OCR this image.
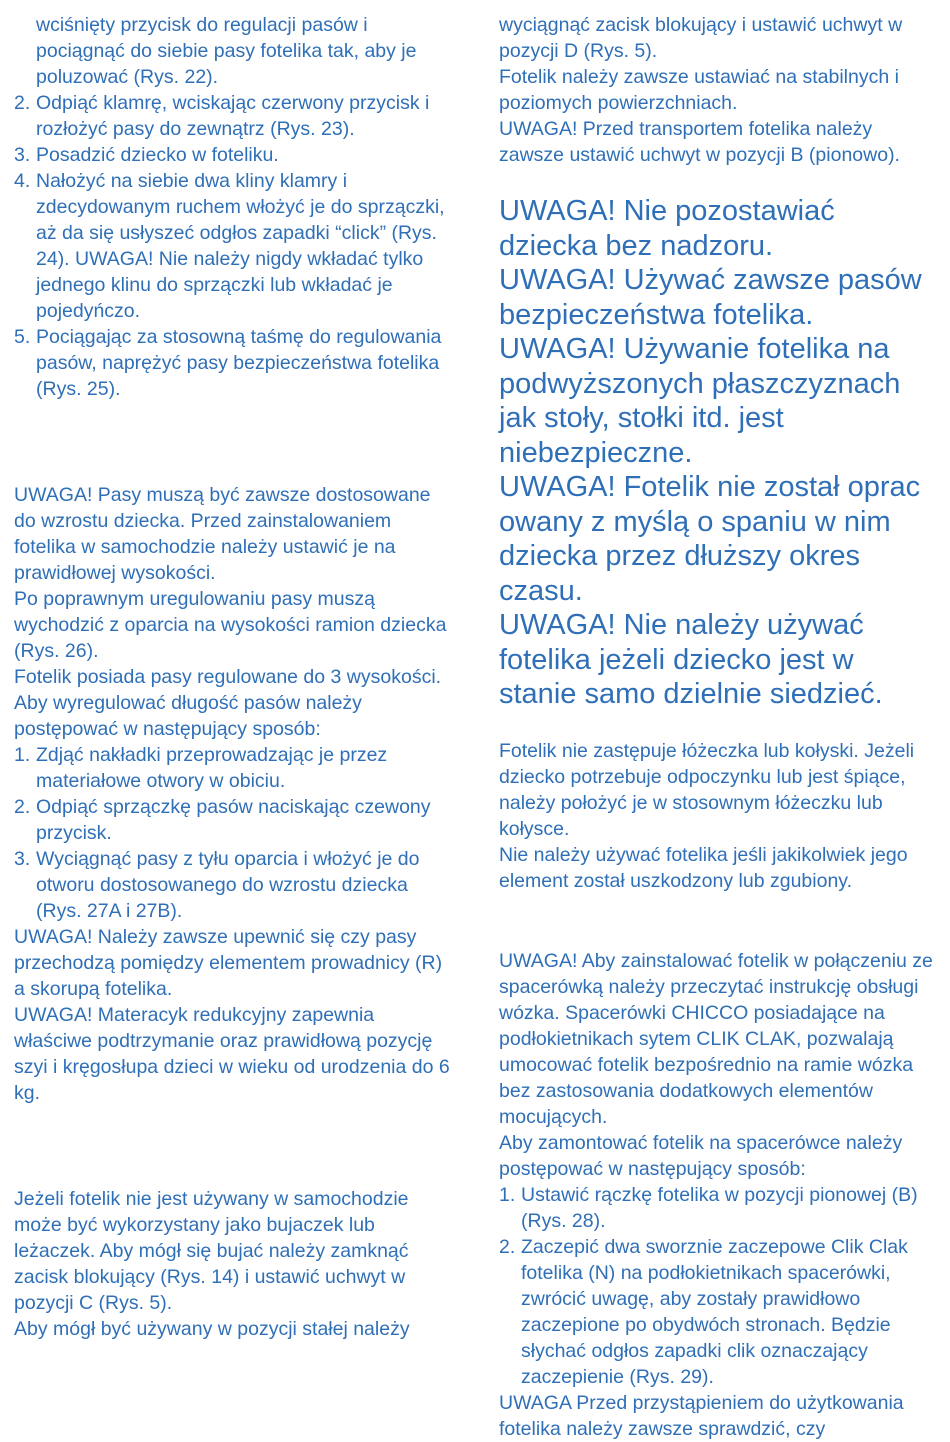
wciśnięty przycisk do regulacji pasów i pociągnąć do siebie pasy fotelika tak, aby je poluzować (Rys. 22).

2. Odpiąć klamrę, wciskając czerwony przycisk i rozłożyć pasy do zewnątrz (Rys. 23).
3. Posadzić dziecko w foteliku.
4. Nałożyć na siebie dwa kliny klamry i zdecydowanym ruchem włożyć je do sprzączki, aż da się usłyszeć odgłos zapadki “click” (Rys. 24). UWAGA! Nie należy nigdy wkładać tylko jednego klinu do sprzączki lub wkładać je pojedyńczo.
5. Pociągając za stosowną taśmę do regulowania pasów, naprężyć pasy bezpieczeństwa fotelika (Rys. 25).

UWAGA! Pasy muszą być zawsze dostosowane do wzrostu dziecka. Przed zainstalowaniem fotelika w samochodzie należy ustawić je na prawidłowej wysokości.

Po poprawnym uregulowaniu pasy muszą wychodzić z oparcia na wysokości ramion dziecka (Rys. 26).

Fotelik posiada pasy regulowane do 3 wysokości.

Aby wyregulować długość pasów należy postępować w następujący sposób:

1. Zdjąć nakładki przeprowadzając je przez materiałowe otwory w obiciu.
2. Odpiąć sprzączkę pasów naciskając czewony przycisk.
3. Wyciągnąć pasy z tyłu oparcia i włożyć je do otworu dostosowanego do wzrostu dziecka (Rys. 27A i 27B).

UWAGA! Należy zawsze upewnić się czy pasy przechodzą pomiędzy elementem prowadnicy (R) a skorupą fotelika.

UWAGA! Materacyk redukcyjny zapewnia właściwe podtrzymanie oraz prawidłową pozycję szyi i kręgosłupa dzieci w wieku od urodzenia do 6 kg.

Jeżeli fotelik nie jest używany w samochodzie może być wykorzystany jako bujaczek lub leżaczek. Aby mógł się bujać należy zamknąć zacisk blokujący (Rys. 14) i ustawić uchwyt w pozycji C (Rys. 5).

Aby mógł być używany w pozycji stałej należy

wyciągnąć zacisk blokujący i ustawić uchwyt w pozycji D (Rys. 5).

Fotelik należy zawsze ustawiać na stabilnych i poziomych powierzchniach.

UWAGA! Przed transportem fotelika należy zawsze ustawić uchwyt w pozycji B (pionowo).

UWAGA! Nie pozostawiać dziecka bez nadzoru.

UWAGA! Używać zawsze pasów bezpieczeństwa fotelika.

UWAGA! Używanie fotelika na podwyższonych płaszczyznach jak stoły, stołki itd. jest niebezpieczne.

UWAGA! Fotelik nie został oprac owany z myślą o spaniu w nim dziecka przez dłuższy okres czasu.

UWAGA! Nie należy używać fotelika jeżeli dziecko jest w stanie samo dzielnie siedzieć.

Fotelik nie zastępuje łóżeczka lub kołyski. Jeżeli dziecko potrzebuje odpoczynku lub jest śpiące, należy położyć je w stosownym łóżeczku lub kołysce.

Nie należy używać fotelika jeśli jakikolwiek jego element został uszkodzony lub zgubiony.

UWAGA! Aby zainstalować fotelik w połączeniu ze spacerówką należy przeczytać instrukcję obsługi wózka. Spacerówki CHICCO posiadające na podłokietnikach sytem CLIK CLAK, pozwalają umocować fotelik bezpośrednio na ramie wózka bez zastosowania dodatkowych elementów mocujących.

Aby zamontować fotelik na spacerówce należy postępować w następujący sposób:

1. Ustawić rączkę fotelika w pozycji pionowej (B) (Rys. 28).
2. Zaczepić dwa sworznie zaczepowe Clik Clak fotelika (N) na podłokietnikach spacerówki, zwrócić uwagę, aby zostały prawidłowo zaczepione po obydwóch stronach. Będzie słychać odgłos zapadki clik oznaczający zaczepienie (Rys. 29).

UWAGA Przed przystąpieniem do użytkowania fotelika należy zawsze sprawdzić, czy
